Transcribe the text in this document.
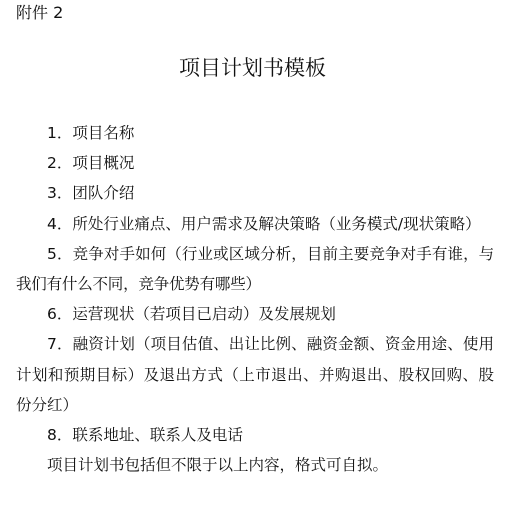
附件 2
项目计划书模板
1．项目名称
2．项目概况
3．团队介绍
4．所处行业痛点、用户需求及解决策略（业务模式/现状策略）
5．竞争对手如何（行业或区域分析，目前主要竞争对手有谁，与我们有什么不同，竞争优势有哪些）
6．运营现状（若项目已启动）及发展规划
7．融资计划（项目估值、出让比例、融资金额、资金用途、使用计划和预期目标）及退出方式（上市退出、并购退出、股权回购、股份分红）
8．联系地址、联系人及电话
项目计划书包括但不限于以上内容，格式可自拟。
